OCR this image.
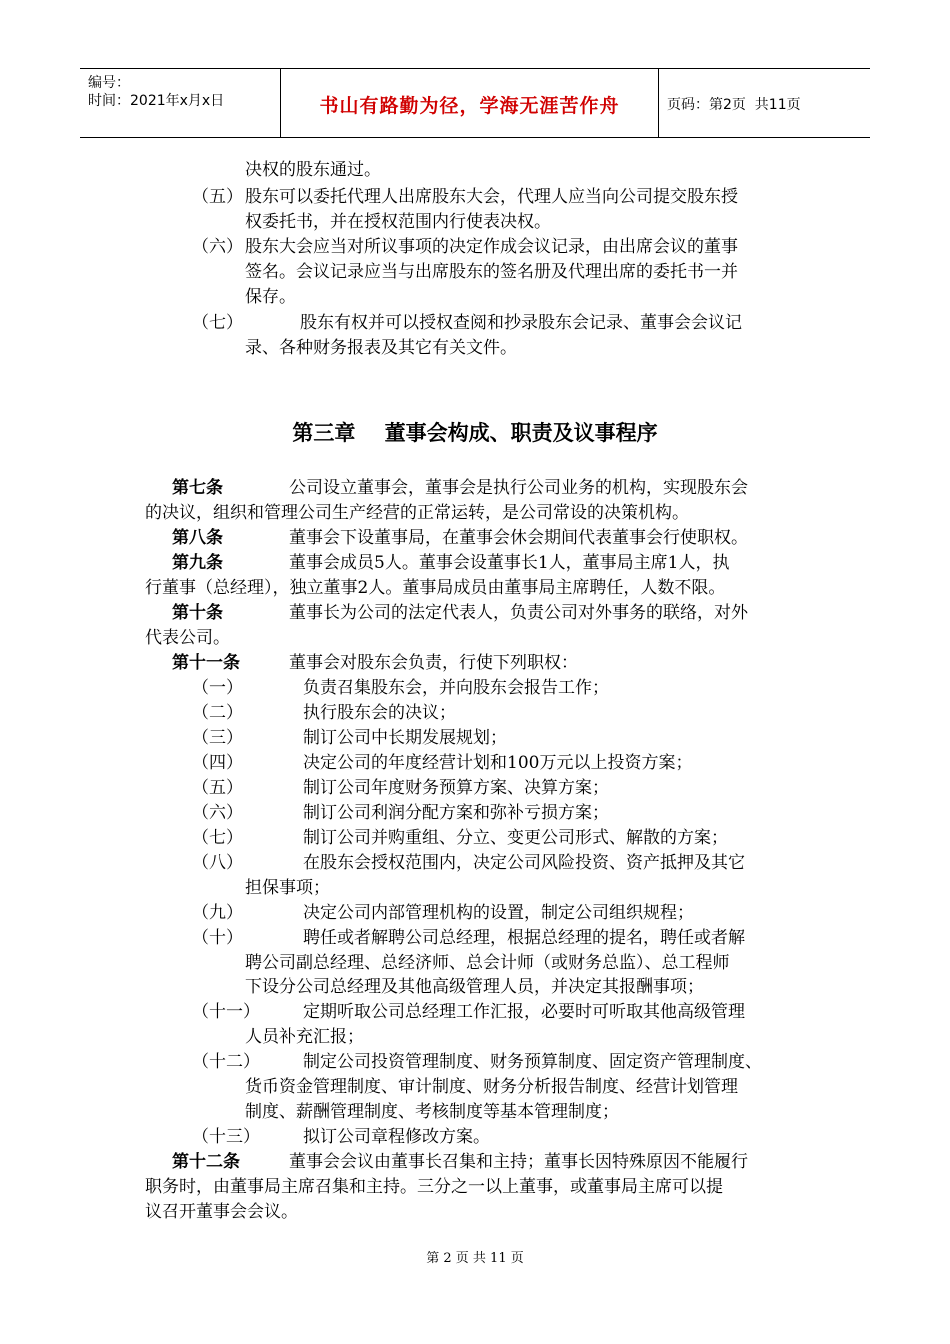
编号：
时间：2021年x月x日	书山有路勤为径，学海无涯苦作舟	页码：第2页  共11页
决权的股东通过。
（五） 股东可以委托代理人出席股东大会，代理人应当向公司提交股东授
权委托书，并在授权范围内行使表决权。
（六） 股东大会应当对所议事项的决定作成会议记录，由出席会议的董事
签名。会议记录应当与出席股东的签名册及代理出席的委托书一并
保存。
（七）	股东有权并可以授权查阅和抄录股东会记录、董事会会议记
录、各种财务报表及其它有关文件。
第三章    董事会构成、职责及议事程序
第七条	公司设立董事会，董事会是执行公司业务的机构，实现股东会
的决议，组织和管理公司生产经营的正常运转，是公司常设的决策机构。
第八条	董事会下设董事局，在董事会休会期间代表董事会行使职权。
第九条	董事会成员5人。董事会设董事长1人，董事局主席1人，执
行董事（总经理），独立董事2人。董事局成员由董事局主席聘任，人数不限。
第十条	董事长为公司的法定代表人，负责公司对外事务的联络，对外
代表公司。
第十一条	董事会对股东会负责，行使下列职权：
（一）	负责召集股东会，并向股东会报告工作；
（二）	执行股东会的决议；
（三）	制订公司中长期发展规划；
（四）	决定公司的年度经营计划和100万元以上投资方案；
（五）	制订公司年度财务预算方案、决算方案；
（六）	制订公司利润分配方案和弥补亏损方案；
（七）	制订公司并购重组、分立、变更公司形式、解散的方案；
（八）	在股东会授权范围内，决定公司风险投资、资产抵押及其它
担保事项；
（九）	决定公司内部管理机构的设置，制定公司组织规程；
（十）	聘任或者解聘公司总经理，根据总经理的提名，聘任或者解
聘公司副总经理、总经济师、总会计师（或财务总监）、总工程师
下设分公司总经理及其他高级管理人员，并决定其报酬事项；
（十一）	定期听取公司总经理工作汇报，必要时可听取其他高级管理
人员补充汇报；
（十二）	制定公司投资管理制度、财务预算制度、固定资产管理制度、
货币资金管理制度、审计制度、财务分析报告制度、经营计划管理
制度、薪酬管理制度、考核制度等基本管理制度；
（十三）	拟订公司章程修改方案。
第十二条	董事会会议由董事长召集和主持；董事长因特殊原因不能履行
职务时，由董事局主席召集和主持。三分之一以上董事，或董事局主席可以提
议召开董事会会议。
第 2 页 共 11 页
